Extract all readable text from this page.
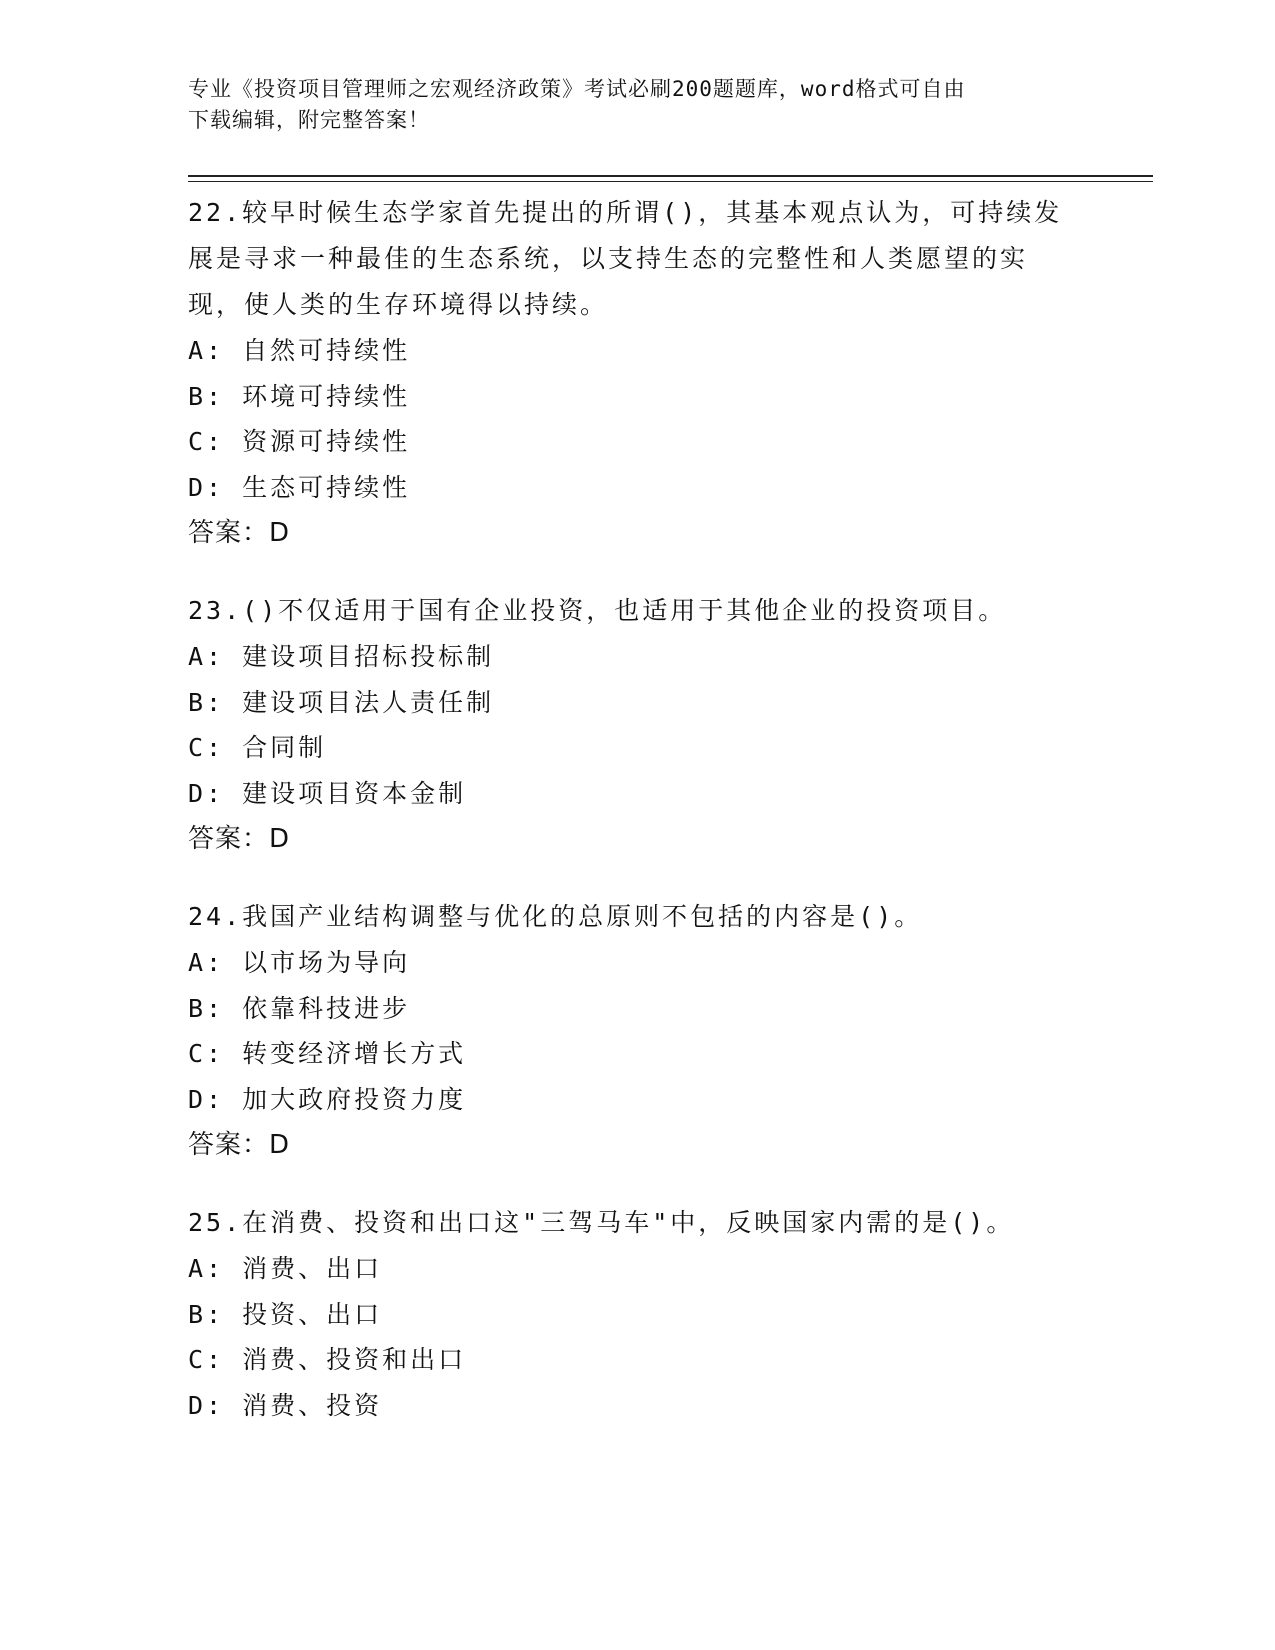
专业《投资项目管理师之宏观经济政策》考试必刷200题题库，word格式可自由
下载编辑，附完整答案！

22.较早时候生态学家首先提出的所谓()，其基本观点认为，可持续发
展是寻求一种最佳的生态系统，以支持生态的完整性和人类愿望的实
现，使人类的生存环境得以持续。

A: 自然可持续性
B: 环境可持续性
C: 资源可持续性
D: 生态可持续性
答案：D

23.()不仅适用于国有企业投资，也适用于其他企业的投资项目。

A: 建设项目招标投标制
B: 建设项目法人责任制
C: 合同制
D: 建设项目资本金制
答案：D

24.我国产业结构调整与优化的总原则不包括的内容是()。

A: 以市场为导向
B: 依靠科技进步
C: 转变经济增长方式
D: 加大政府投资力度
答案：D

25.在消费、投资和出口这"三驾马车"中，反映国家内需的是()。

A: 消费、出口
B: 投资、出口
C: 消费、投资和出口
D: 消费、投资
